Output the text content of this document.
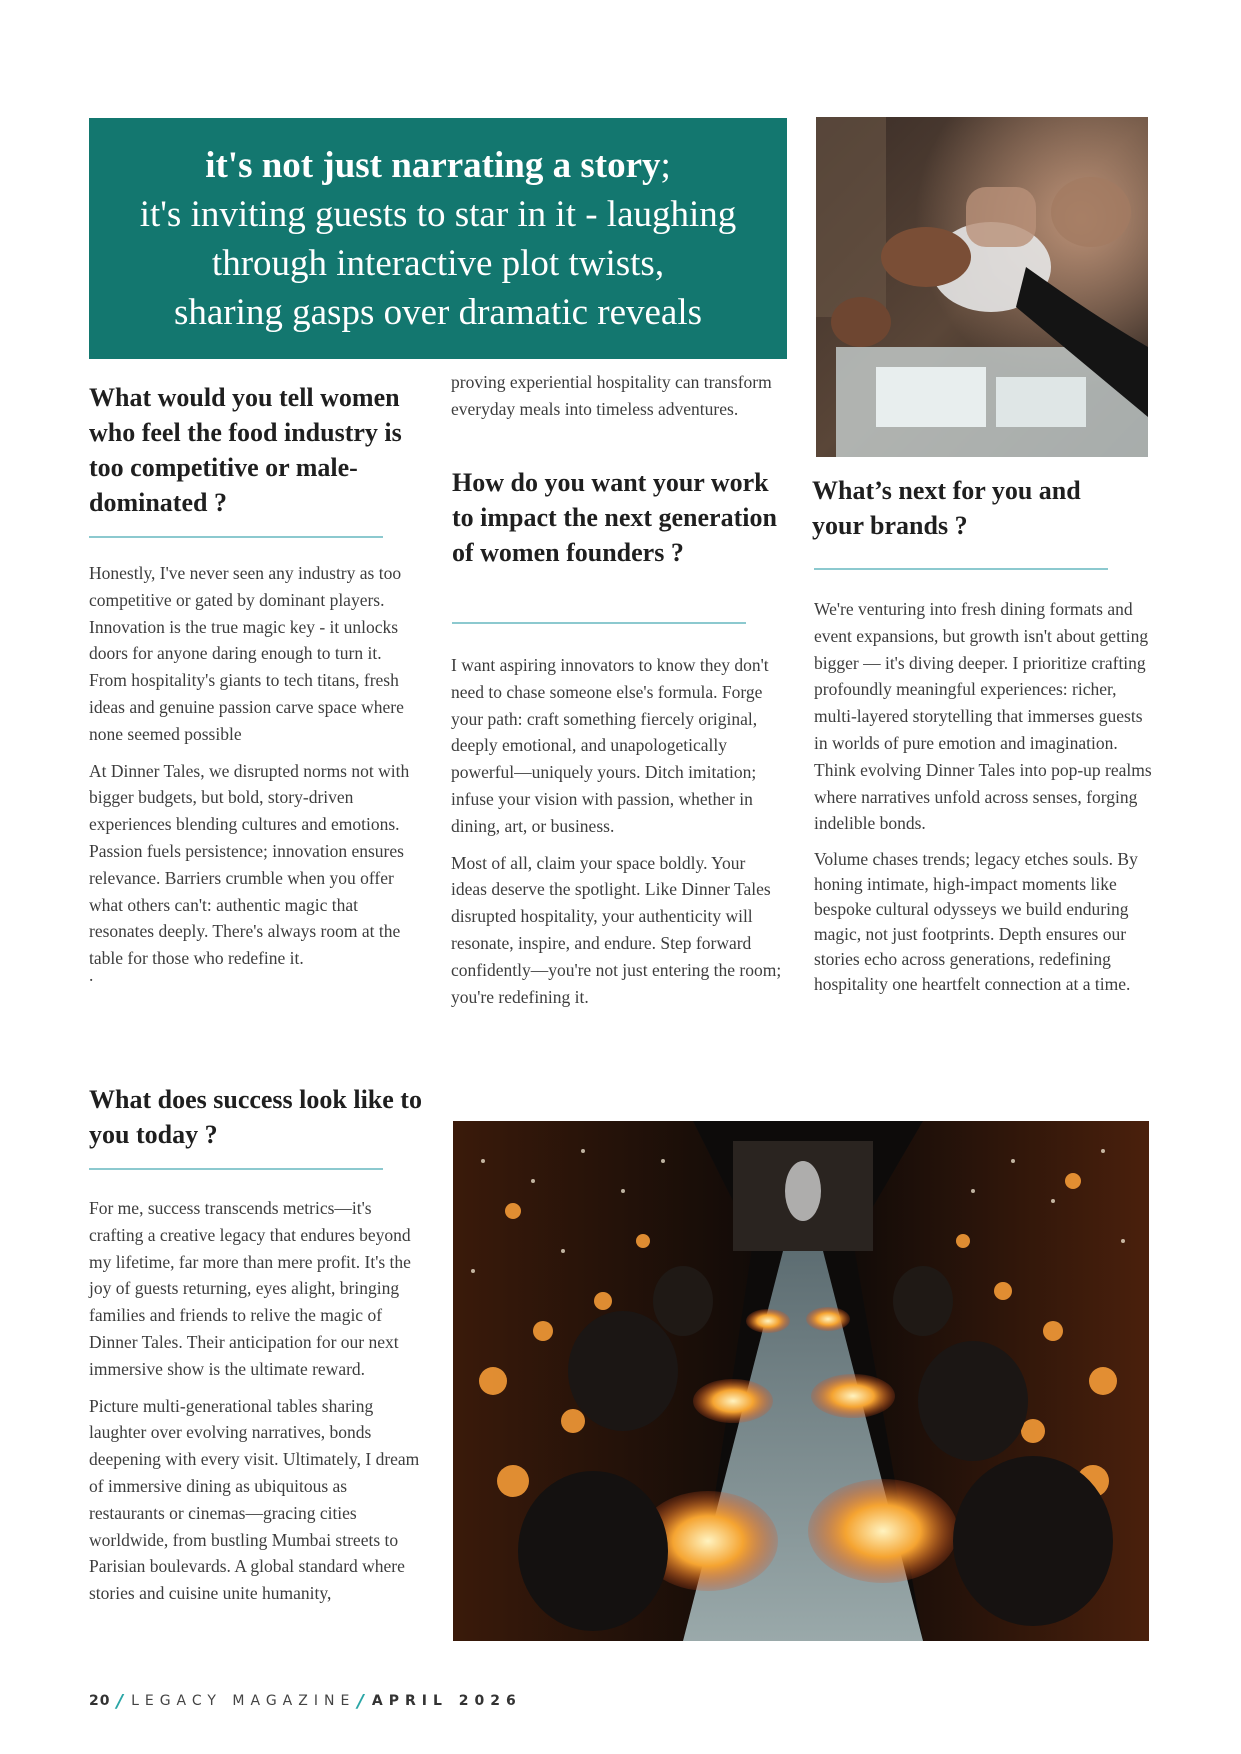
it's not just narrating a story;
it's inviting guests to star in it - laughing
through interactive plot twists,
sharing gasps over dramatic reveals
What would you tell women who feel the food industry is too competitive or male-dominated ?

Honestly, I've never seen any industry as too competitive or gated by dominant players. Innovation is the true magic key - it unlocks doors for anyone daring enough to turn it. From hospitality's giants to tech titans, fresh ideas and genuine passion carve space where none seemed possible

At Dinner Tales, we disrupted norms not with bigger budgets, but bold, story-driven experiences blending cultures and emotions. Passion fuels persistence; innovation ensures relevance. Barriers crumble when you offer what others can't: authentic magic that resonates deeply. There's always room at the table for those who redefine it.

.

What does success look like to you today ?

For me, success transcends metrics—it's crafting a creative legacy that endures beyond my lifetime, far more than mere profit. It's the joy of guests returning, eyes alight, bringing families and friends to relive the magic of Dinner Tales. Their anticipation for our next immersive show is the ultimate reward.

Picture multi-generational tables sharing laughter over evolving narratives, bonds deepening with every visit. Ultimately, I dream of immersive dining as ubiquitous as restaurants or cinemas—gracing cities worldwide, from bustling Mumbai streets to Parisian boulevards. A global standard where stories and cuisine unite humanity,

proving experiential hospitality can transform everyday meals into timeless adventures.

How do you want your work to impact the next generation of women founders ?

I want aspiring innovators to know they don't need to chase someone else's formula. Forge your path: craft something fiercely original, deeply emotional, and unapologetically powerful—uniquely yours. Ditch imitation; infuse your vision with passion, whether in dining, art, or business.

Most of all, claim your space boldly. Your ideas deserve the spotlight. Like Dinner Tales disrupted hospitality, your authenticity will resonate, inspire, and endure. Step forward confidently—you're not just entering the room; you're redefining it.

What’s next for you and your brands ?

We're venturing into fresh dining formats and event expansions, but growth isn't about getting bigger — it's diving deeper. I prioritize crafting profoundly meaningful experiences: richer, multi-layered storytelling that immerses guests in worlds of pure emotion and imagination. Think evolving Dinner Tales into pop-up realms where narratives unfold across senses, forging indelible bonds.

Volume chases trends; legacy etches souls. By honing intimate, high-impact moments like bespoke cultural odysseys we build enduring magic, not just footprints. Depth ensures our stories echo across generations, redefining hospitality one heartfelt connection at a time.

20 / LEGACY MAGAZINE / APRIL 2026
